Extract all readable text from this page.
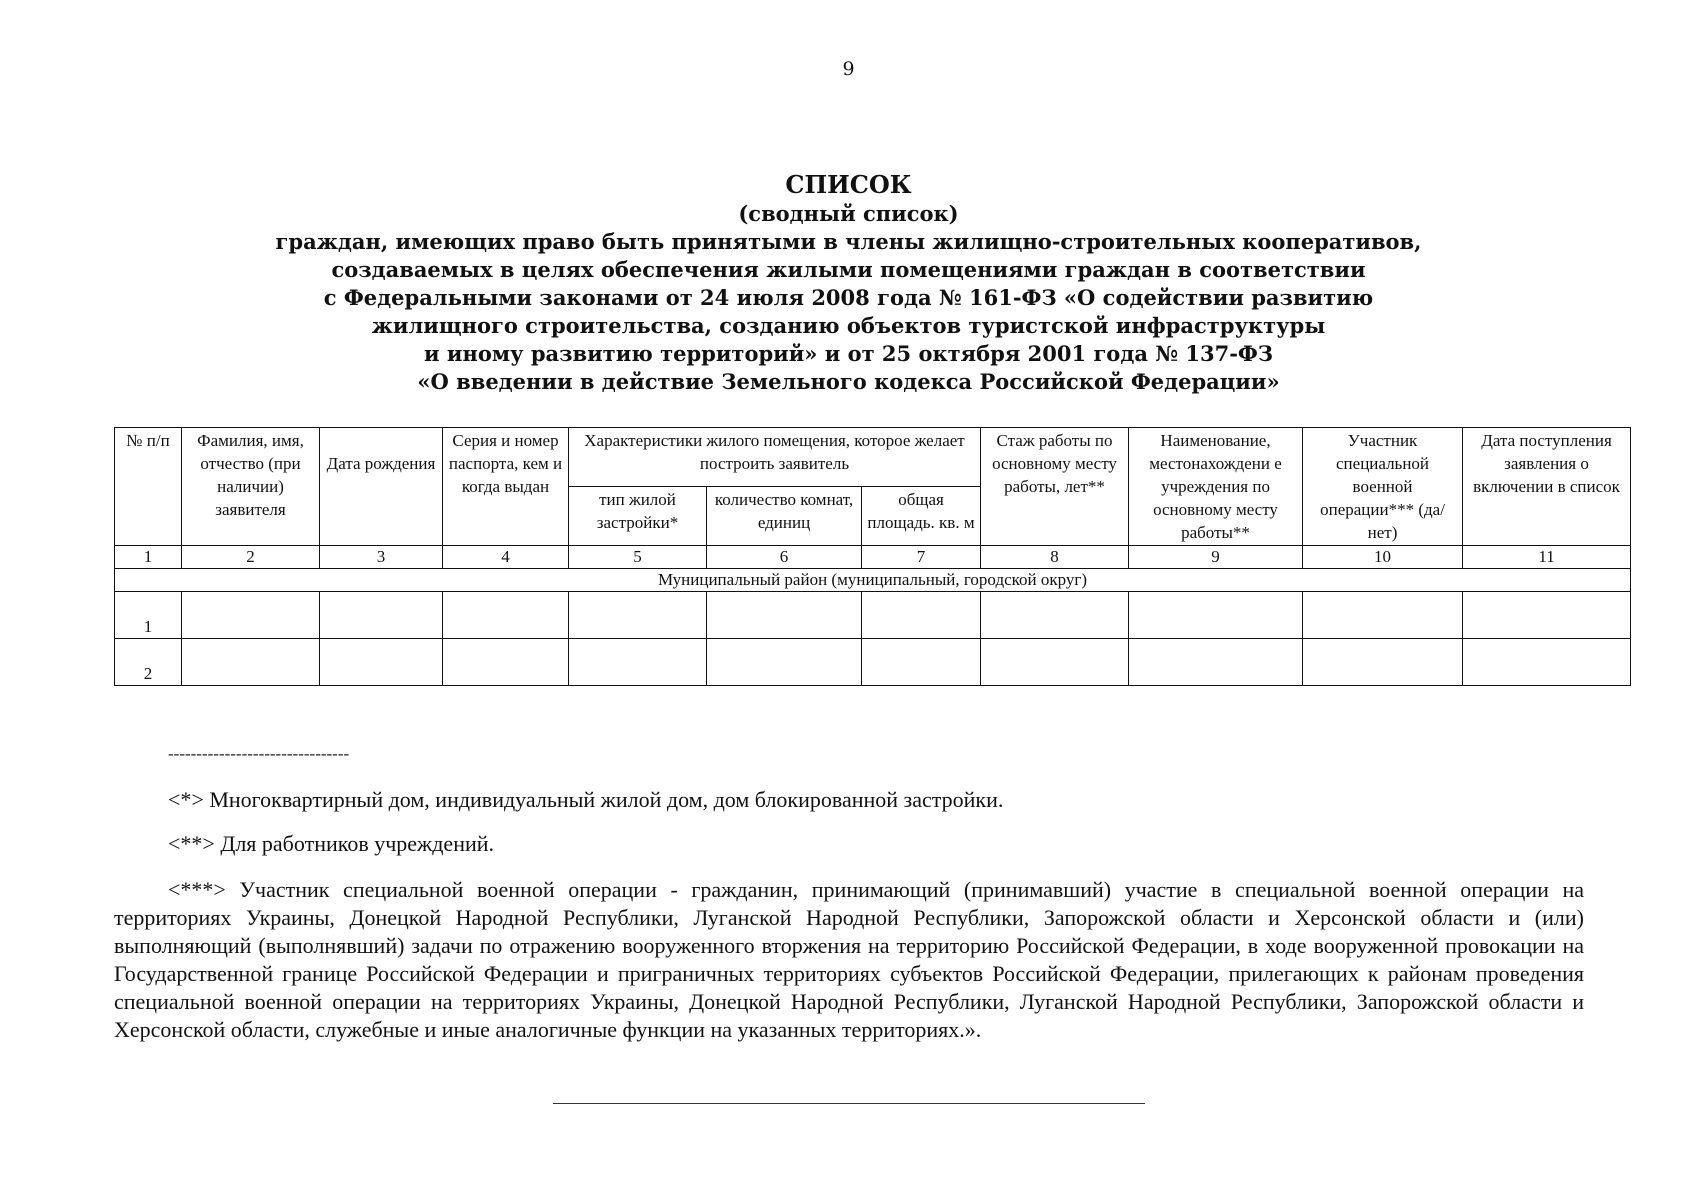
9
СПИСОК
(сводный список)
граждан, имеющих право быть принятыми в члены жилищно-строительных кооперативов,
создаваемых в целях обеспечения жилыми помещениями граждан в соответствии
с Федеральными законами от 24 июля 2008 года № 161-ФЗ «О содействии развитию
жилищного строительства, созданию объектов туристской инфраструктуры
и иному развитию территорий» и от 25 октября 2001 года № 137-ФЗ
«О введении в действие Земельного кодекса Российской Федерации»
№ п/п	Фамилия, имя, отчество (при наличии) заявителя	Дата рождения	Серия и номер паспорта, кем и когда выдан	Характеристики жилого помещения, которое желает построить заявитель			Стаж работы по основному месту работы, лет**	Наименование, местонахождени е учреждения по основному месту работы**	Участник специальной военной операции*** (да/нет)	Дата поступления заявления о включении в список
				тип жилой застройки*	количество комнат, единиц	общая площадь. кв. м				
1	2	3	4	5	6	7	8	9	10	11
Муниципальный район (муниципальный, городской округ)										
1										
2										
--------------------------------

<*> Многоквартирный дом, индивидуальный жилой дом, дом блокированной застройки.

<**> Для работников учреждений.

<***> Участник специальной военной операции - гражданин, принимающий (принимавший) участие в специальной военной операции на территориях Украины, Донецкой Народной Республики, Луганской Народной Республики, Запорожской области и Херсонской области и (или) выполняющий (выполнявший) задачи по отражению вооруженного вторжения на территорию Российской Федерации, в ходе вооруженной провокации на Государственной границе Российской Федерации и приграничных территориях субъектов Российской Федерации, прилегающих к районам проведения специальной военной операции на территориях Украины, Донецкой Народной Республики, Луганской Народной Республики, Запорожской области и Херсонской области, служебные и иные аналогичные функции на указанных территориях.».
